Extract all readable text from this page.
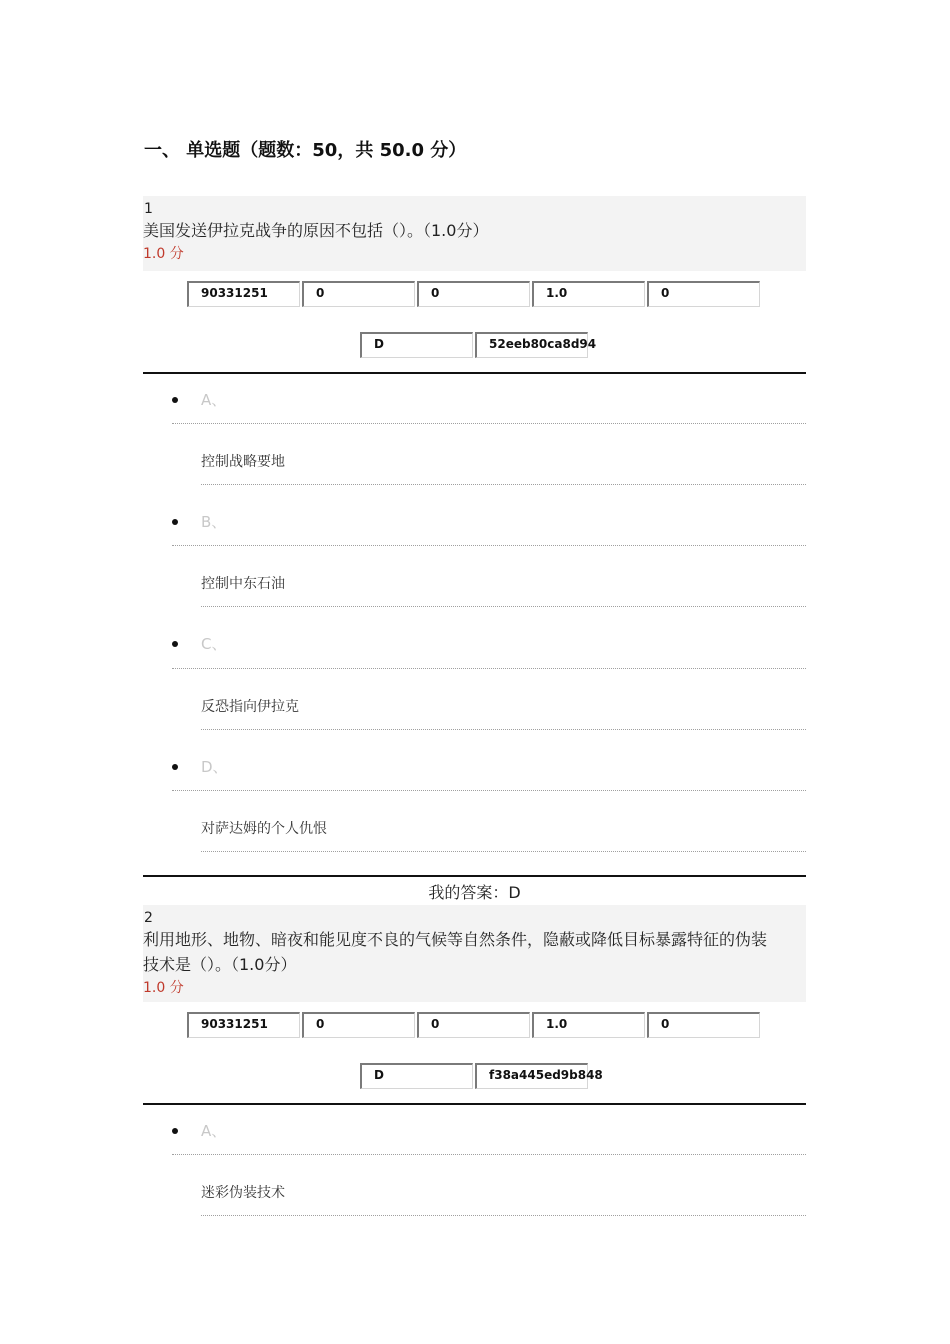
一、 单选题（题数：50，共 50.0 分）
1
美国发送伊拉克战争的原因不包括（）。（1.0分）
1.0 分
90331251	0	0	1.0	0
D	52eeb80ca8d94
A、
控制战略要地
B、
控制中东石油
C、
反恐指向伊拉克
D、
对萨达姆的个人仇恨
我的答案：D
2
利用地形、地物、暗夜和能见度不良的气候等自然条件，隐蔽或降低目标暴露特征的伪装
技术是（）。（1.0分）
1.0 分
90331251	0	0	1.0	0
D	f38a445ed9b848
A、
迷彩伪装技术
